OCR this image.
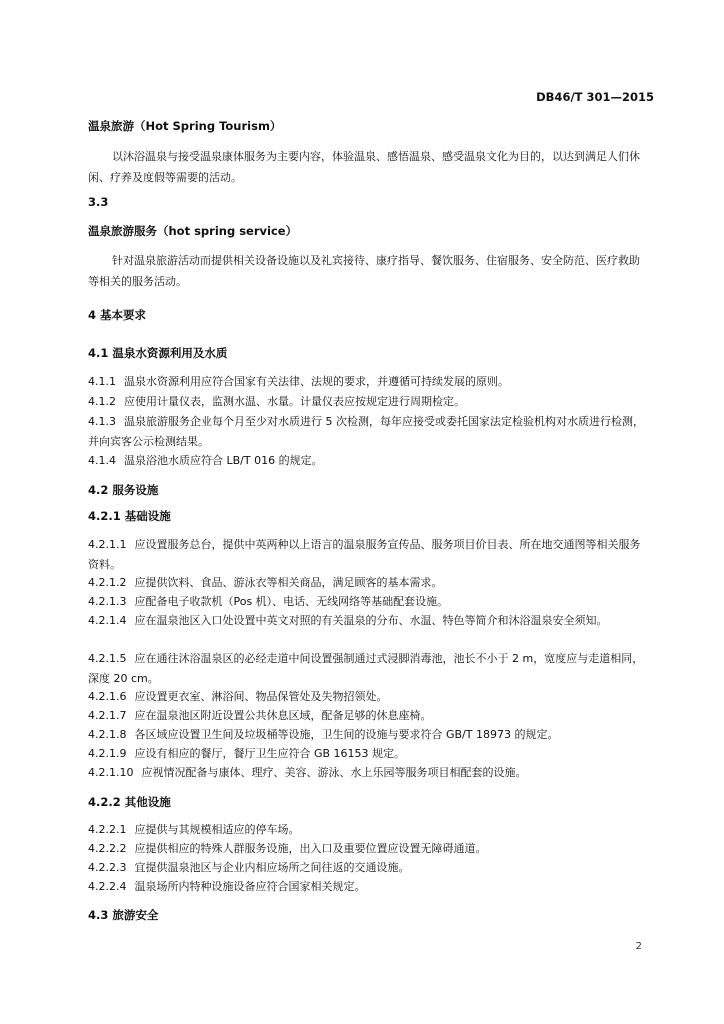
DB46/T 301—2015
温泉旅游（Hot Spring Tourism）
以沐浴温泉与接受温泉康体服务为主要内容，体验温泉、感悟温泉、感受温泉文化为目的，以达到满足人们休闲、疗养及度假等需要的活动。
3.3
温泉旅游服务（hot spring service）
针对温泉旅游活动而提供相关设备设施以及礼宾接待、康疗指导、餐饮服务、住宿服务、安全防范、医疗救助等相关的服务活动。
4 基本要求
4.1 温泉水资源利用及水质
4.1.1 温泉水资源利用应符合国家有关法律、法规的要求，并遵循可持续发展的原则。
4.1.2 应使用计量仪表，监测水温、水量。计量仪表应按规定进行周期检定。
4.1.3 温泉旅游服务企业每个月至少对水质进行 5 次检测，每年应接受或委托国家法定检验机构对水质进行检测，并向宾客公示检测结果。
4.1.4 温泉浴池水质应符合 LB/T 016 的规定。
4.2 服务设施
4.2.1 基础设施
4.2.1.1 应设置服务总台，提供中英两种以上语言的温泉服务宣传品、服务项目价目表、所在地交通图等相关服务资料。
4.2.1.2 应提供饮料、食品、游泳衣等相关商品，满足顾客的基本需求。
4.2.1.3 应配备电子收款机（Pos 机）、电话、无线网络等基础配套设施。
4.2.1.4 应在温泉池区入口处设置中英文对照的有关温泉的分布、水温、特色等简介和沐浴温泉安全须知。
4.2.1.5 应在通往沐浴温泉区的必经走道中间设置强制通过式浸脚消毒池，池长不小于 2 m，宽度应与走道相同，深度 20 cm。
4.2.1.6 应设置更衣室、淋浴间、物品保管处及失物招领处。
4.2.1.7 应在温泉池区附近设置公共休息区域，配备足够的休息座椅。
4.2.1.8 各区域应设置卫生间及垃圾桶等设施，卫生间的设施与要求符合 GB/T 18973 的规定。
4.2.1.9 应设有相应的餐厅，餐厅卫生应符合 GB 16153 规定。
4.2.1.10 应视情况配备与康体、理疗、美容、游泳、水上乐园等服务项目相配套的设施。
4.2.2 其他设施
4.2.2.1 应提供与其规模相适应的停车场。
4.2.2.2 应提供相应的特殊人群服务设施，出入口及重要位置应设置无障碍通道。
4.2.2.3 宜提供温泉池区与企业内相应场所之间往返的交通设施。
4.2.2.4 温泉场所内特种设施设备应符合国家相关规定。
4.3 旅游安全
2
